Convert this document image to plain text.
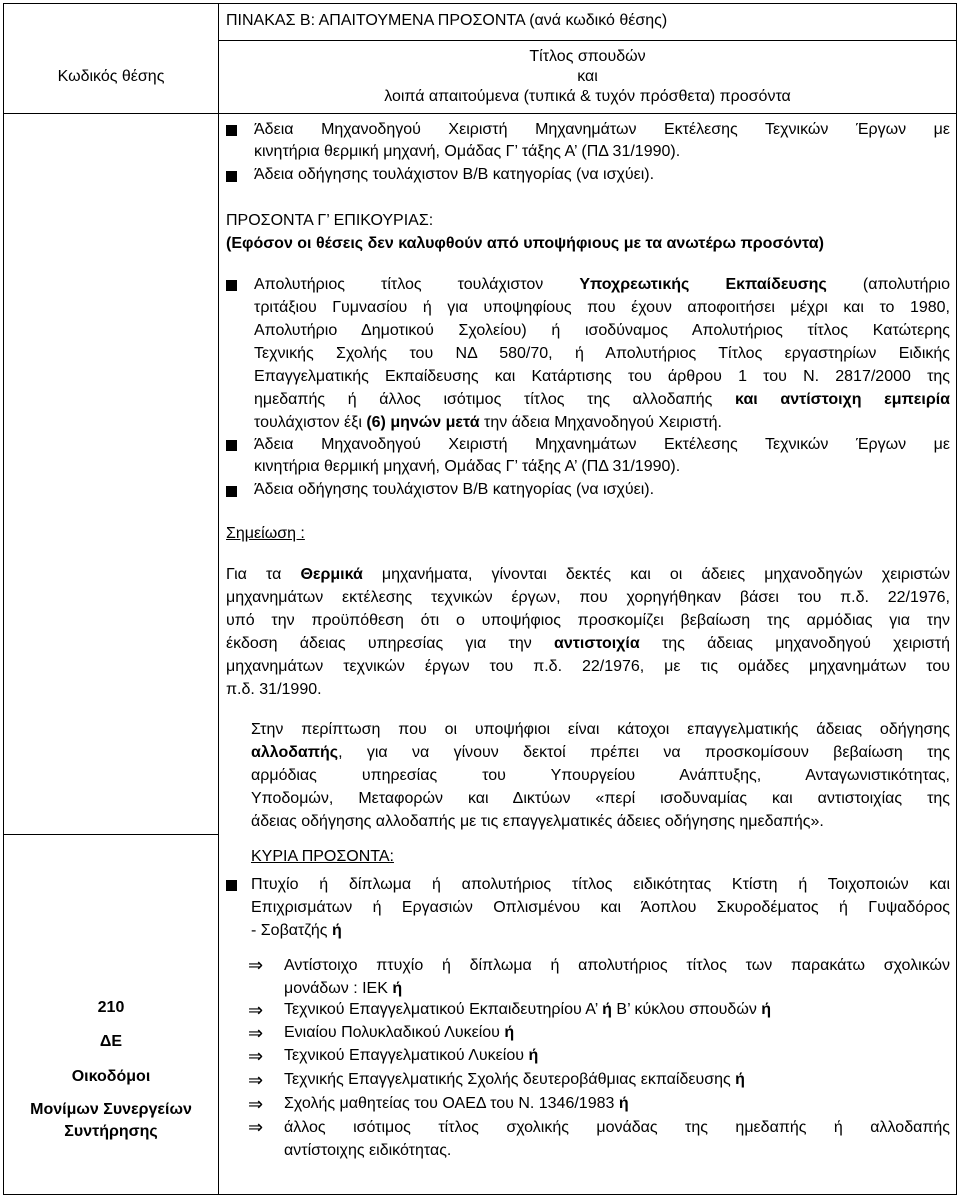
ΠΙΝΑΚΑΣ Β: ΑΠΑΙΤΟΥΜΕΝΑ ΠΡΟΣΟΝΤΑ (ανά κωδικό θέσης)
Κωδικός θέσης
Τίτλος σπουδών
και
λοιπά απαιτούμενα (τυπικά & τυχόν πρόσθετα) προσόντα
Άδεια Μηχανοδηγού Χειριστή Μηχανημάτων Εκτέλεσης Τεχνικών Έργων με
κινητήρια θερμική μηχανή, Ομάδας Γ’ τάξης Α’ (ΠΔ 31/1990).
Άδεια οδήγησης τουλάχιστον Β/Β κατηγορίας (να ισχύει).
ΠΡΟΣΟΝΤΑ Γ’ ΕΠΙΚΟΥΡΙΑΣ:
(Εφόσον οι θέσεις δεν καλυφθούν από υποψήφιους με τα ανωτέρω προσόντα)
Απολυτήριος τίτλος τουλάχιστον Υποχρεωτικής Εκπαίδευσης (απολυτήριο
τριτάξιου Γυμνασίου ή για υποψηφίους που έχουν αποφοιτήσει μέχρι και το 1980,
Απολυτήριο Δημοτικού Σχολείου) ή ισοδύναμος Απολυτήριος τίτλος Κατώτερης
Τεχνικής Σχολής του ΝΔ 580/70, ή Απολυτήριος Τίτλος εργαστηρίων Ειδικής
Επαγγελματικής Εκπαίδευσης και Κατάρτισης του άρθρου 1 του Ν. 2817/2000 της
ημεδαπής ή άλλος ισότιμος τίτλος της αλλοδαπής και αντίστοιχη εμπειρία
τουλάχιστον έξι (6) μηνών μετά την άδεια Μηχανοδηγού Χειριστή.
Άδεια Μηχανοδηγού Χειριστή Μηχανημάτων Εκτέλεσης Τεχνικών Έργων με
κινητήρια θερμική μηχανή, Ομάδας Γ’ τάξης Α’ (ΠΔ 31/1990).
Άδεια οδήγησης τουλάχιστον Β/Β κατηγορίας (να ισχύει).
Σημείωση :
Για τα Θερμικά μηχανήματα, γίνονται δεκτές και οι άδειες μηχανοδηγών χειριστών
μηχανημάτων εκτέλεσης τεχνικών έργων, που χορηγήθηκαν βάσει του π.δ. 22/1976,
υπό την προϋπόθεση ότι ο υποψήφιος προσκομίζει βεβαίωση της αρμόδιας για την
έκδοση άδειας υπηρεσίας για την αντιστοιχία της άδειας μηχανοδηγού χειριστή
μηχανημάτων τεχνικών έργων του π.δ. 22/1976, με τις ομάδες μηχανημάτων του
π.δ. 31/1990.
Στην περίπτωση που οι υποψήφιοι είναι κάτοχοι επαγγελματικής άδειας οδήγησης
αλλοδαπής, για να γίνουν δεκτοί πρέπει να προσκομίσουν βεβαίωση της
αρμόδιας υπηρεσίας του Υπουργείου Ανάπτυξης, Ανταγωνιστικότητας,
Υποδομών, Μεταφορών και Δικτύων «περί ισοδυναμίας και αντιστοιχίας της
άδειας οδήγησης αλλοδαπής με τις επαγγελματικές άδειες οδήγησης ημεδαπής».
210
ΔΕ
Οικοδόμοι
Μονίμων Συνεργείων
Συντήρησης
ΚΥΡΙΑ ΠΡΟΣΟΝΤΑ:
Πτυχίο ή δίπλωμα ή απολυτήριος τίτλος ειδικότητας Κτίστη ή Τοιχοποιών και
Επιχρισμάτων ή Εργασιών Οπλισμένου και Άοπλου Σκυροδέματος ή Γυψαδόρος
- Σοβατζής ή
⇒ Αντίστοιχο πτυχίο ή δίπλωμα ή απολυτήριος τίτλος των παρακάτω σχολικών
μονάδων : ΙΕΚ ή
⇒ Τεχνικού Επαγγελματικού Εκπαιδευτηρίου Α’ ή Β’ κύκλου σπουδών ή
⇒ Ενιαίου Πολυκλαδικού Λυκείου ή
⇒ Τεχνικού Επαγγελματικού Λυκείου ή
⇒ Τεχνικής Επαγγελματικής Σχολής δευτεροβάθμιας εκπαίδευσης ή
⇒ Σχολής μαθητείας του ΟΑΕΔ του Ν. 1346/1983 ή
⇒ άλλος ισότιμος τίτλος σχολικής μονάδας της ημεδαπής ή αλλοδαπής
αντίστοιχης ειδικότητας.
